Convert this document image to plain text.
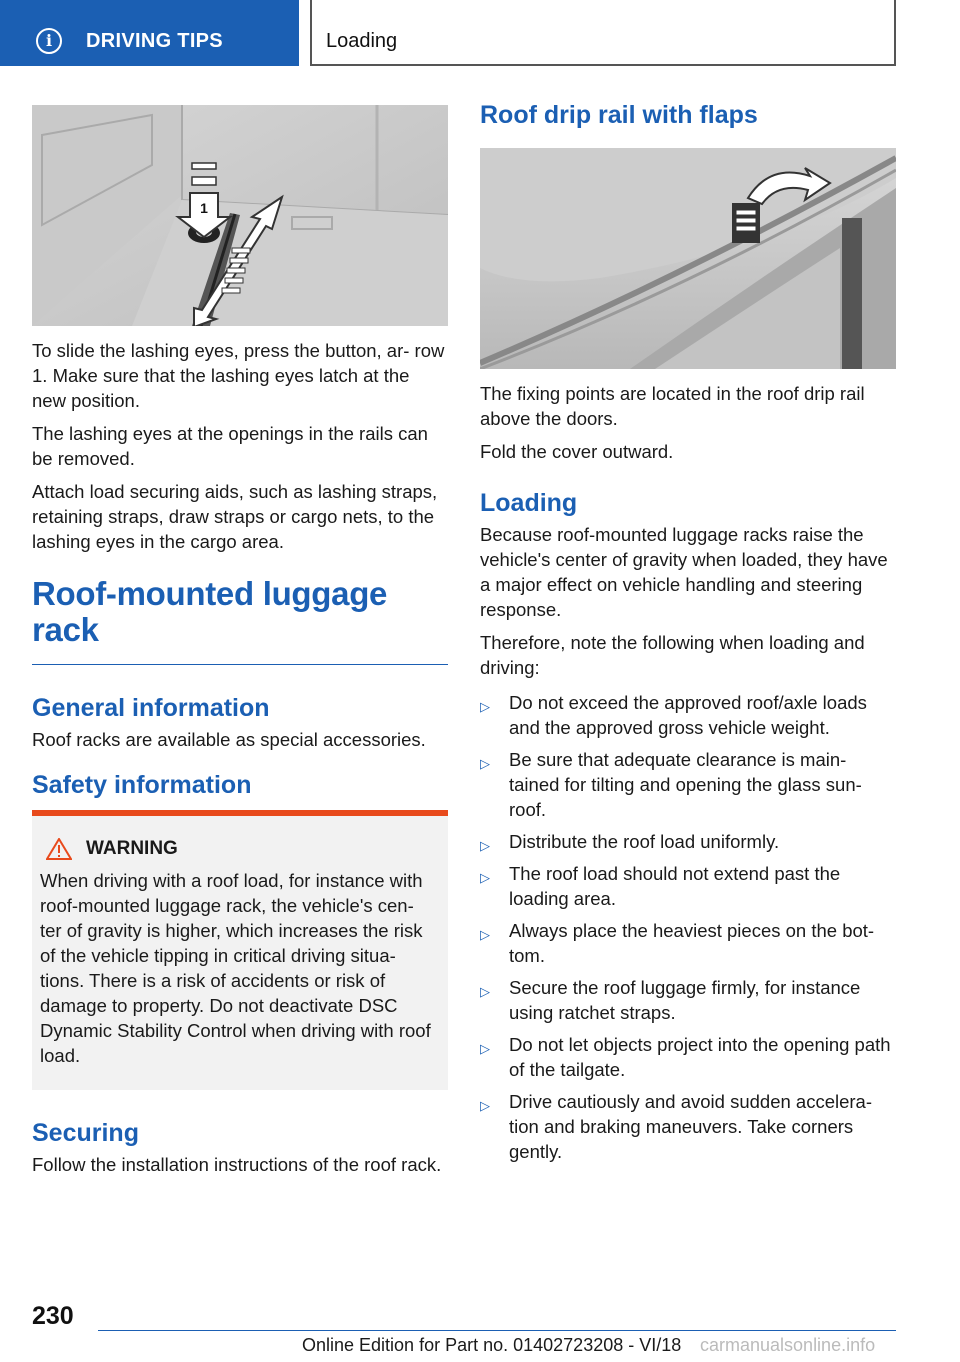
i	DRIVING TIPS	Loading
1

To slide the lashing eyes, press the button, ar- row 1. Make sure that the lashing eyes latch at the new position.

The lashing eyes at the openings in the rails can be removed.

Attach load securing aids, such as lashing straps, retaining straps, draw straps or cargo nets, to the lashing eyes in the cargo area.

Roof-mounted luggage rack
General information

Roof racks are available as special accessories.

Safety information
WARNING

When driving with a roof load, for instance with roof-mounted luggage rack, the vehicle's cen- ter of gravity is higher, which increases the risk of the vehicle tipping in critical driving situa- tions. There is a risk of accidents or risk of damage to property. Do not deactivate DSC Dynamic Stability Control when driving with roof load.

Securing

Follow the installation instructions of the roof rack.

Roof drip rail with flaps

The fixing points are located in the roof drip rail above the doors.

Fold the cover outward.

Loading

Because roof-mounted luggage racks raise the vehicle's center of gravity when loaded, they have a major effect on vehicle handling and steering response.

Therefore, note the following when loading and driving:

▷ Do not exceed the approved roof/axle loads and the approved gross vehicle weight.
▷ Be sure that adequate clearance is main- tained for tilting and opening the glass sun- roof.
▷ Distribute the roof load uniformly.
▷ The roof load should not extend past the loading area.
▷ Always place the heaviest pieces on the bot- tom.
▷ Secure the roof luggage firmly, for instance using ratchet straps.
▷ Do not let objects project into the opening path of the tailgate.
▷ Drive cautiously and avoid sudden accelera- tion and braking maneuvers. Take corners gently.
230
Online Edition for Part no. 01402723208 - VI/18	carmanualsonline.info
